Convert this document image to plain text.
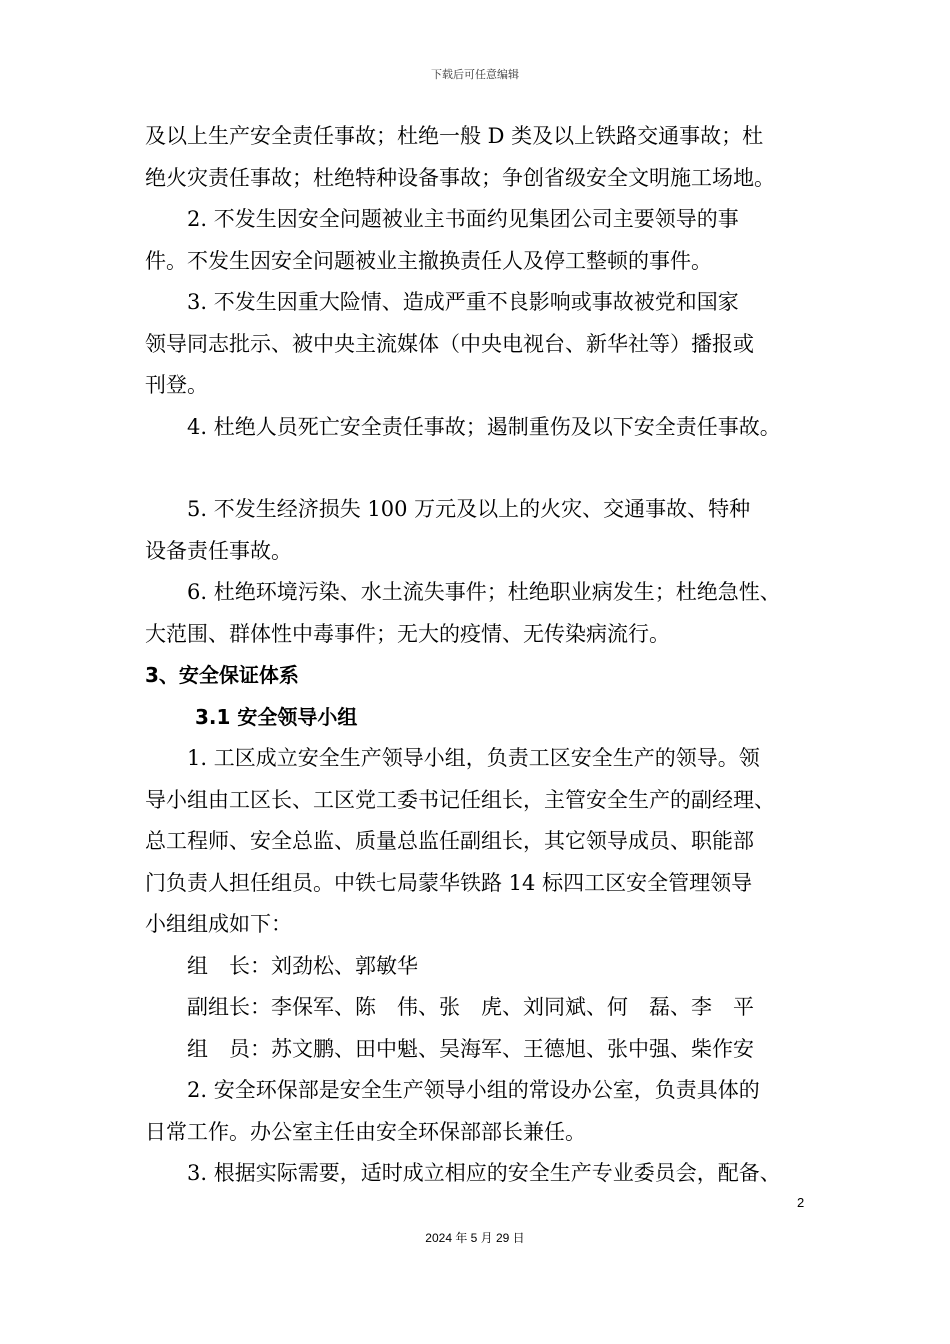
下载后可任意编辑

及以上生产安全责任事故；杜绝一般 D 类及以上铁路交通事故；杜

绝火灾责任事故；杜绝特种设备事故；争创省级安全文明施工场地。

2. 不发生因安全问题被业主书面约见集团公司主要领导的事

件。不发生因安全问题被业主撤换责任人及停工整顿的事件。

3. 不发生因重大险情、造成严重不良影响或事故被党和国家

领导同志批示、被中央主流媒体（中央电视台、新华社等）播报或

刊登。

4. 杜绝人员死亡安全责任事故；遏制重伤及以下安全责任事故。

5. 不发生经济损失 100 万元及以上的火灾、交通事故、特种

设备责任事故。

6. 杜绝环境污染、水土流失事件；杜绝职业病发生；杜绝急性、

大范围、群体性中毒事件；无大的疫情、无传染病流行。

3、安全保证体系

3.1 安全领导小组

1. 工区成立安全生产领导小组，负责工区安全生产的领导。领

导小组由工区长、工区党工委书记任组长，主管安全生产的副经理、

总工程师、安全总监、质量总监任副组长，其它领导成员、职能部

门负责人担任组员。中铁七局蒙华铁路 14 标四工区安全管理领导

小组组成如下：

组 长： 刘劲松、郭敏华
副组长： 李保军、陈　伟、张　虎、刘同斌、何　磊、李　平
组 员： 苏文鹏、田中魁、吴海军、王德旭、张中强、柴作安

2. 安全环保部是安全生产领导小组的常设办公室，负责具体的

日常工作。办公室主任由安全环保部部长兼任。

3. 根据实际需要，适时成立相应的安全生产专业委员会，配备、

2
2024 年 5 月 29 日
